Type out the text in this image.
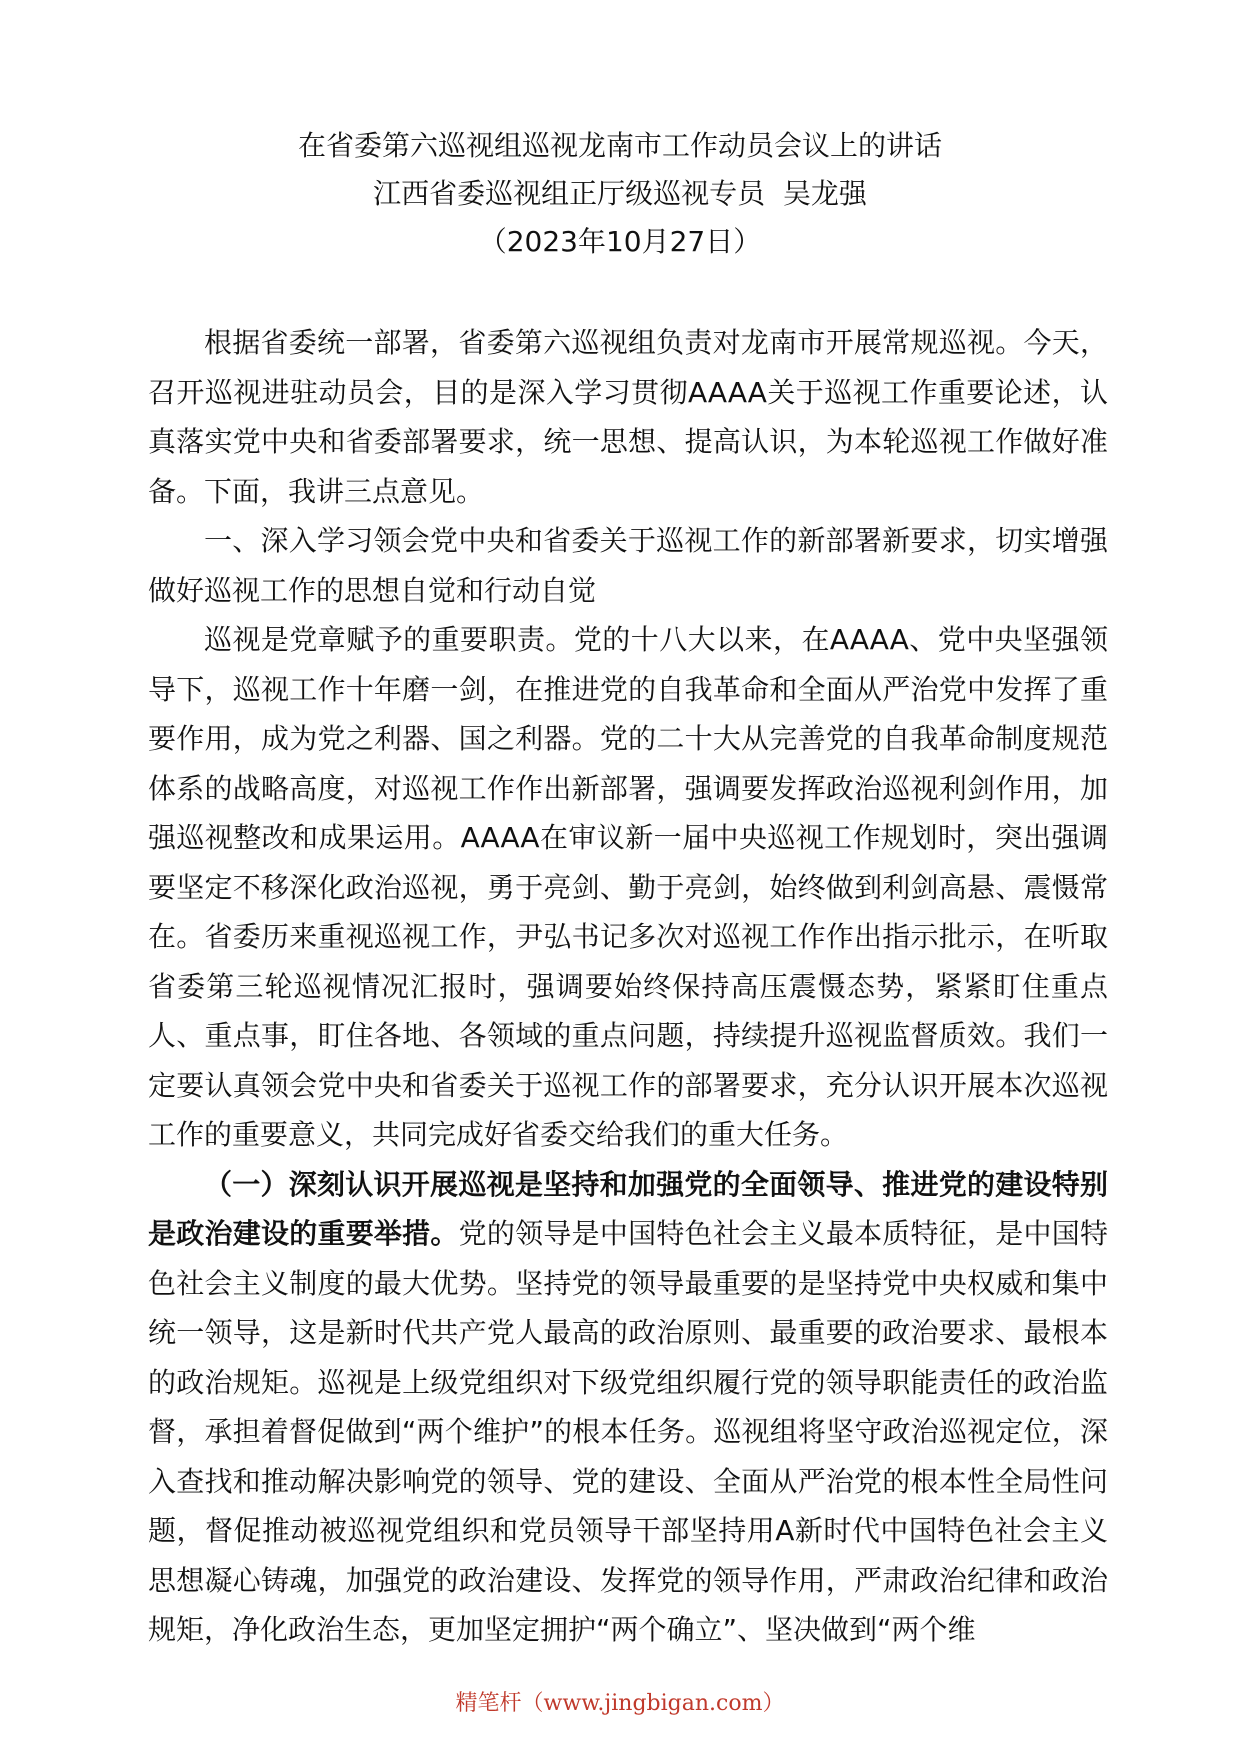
在省委第六巡视组巡视龙南市工作动员会议上的讲话
江西省委巡视组正厅级巡视专员  吴龙强
（2023年10月27日）

根据省委统一部署，省委第六巡视组负责对龙南市开展常规巡视。今天，召开巡视进驻动员会，目的是深入学习贯彻AAAA关于巡视工作重要论述，认真落实党中央和省委部署要求，统一思想、提高认识，为本轮巡视工作做好准备。下面，我讲三点意见。

一、深入学习领会党中央和省委关于巡视工作的新部署新要求，切实增强做好巡视工作的思想自觉和行动自觉

巡视是党章赋予的重要职责。党的十八大以来，在AAAA、党中央坚强领导下，巡视工作十年磨一剑，在推进党的自我革命和全面从严治党中发挥了重要作用，成为党之利器、国之利器。党的二十大从完善党的自我革命制度规范体系的战略高度，对巡视工作作出新部署，强调要发挥政治巡视利剑作用，加强巡视整改和成果运用。AAAA在审议新一届中央巡视工作规划时，突出强调要坚定不移深化政治巡视，勇于亮剑、勤于亮剑，始终做到利剑高悬、震慑常在。省委历来重视巡视工作，尹弘书记多次对巡视工作作出指示批示，在听取省委第三轮巡视情况汇报时，强调要始终保持高压震慑态势，紧紧盯住重点人、重点事，盯住各地、各领域的重点问题，持续提升巡视监督质效。我们一定要认真领会党中央和省委关于巡视工作的部署要求，充分认识开展本次巡视工作的重要意义，共同完成好省委交给我们的重大任务。

（一）深刻认识开展巡视是坚持和加强党的全面领导、推进党的建设特别是政治建设的重要举措。党的领导是中国特色社会主义最本质特征，是中国特色社会主义制度的最大优势。坚持党的领导最重要的是坚持党中央权威和集中统一领导，这是新时代共产党人最高的政治原则、最重要的政治要求、最根本的政治规矩。巡视是上级党组织对下级党组织履行党的领导职能责任的政治监督，承担着督促做到“两个维护”的根本任务。巡视组将坚守政治巡视定位，深入查找和推动解决影响党的领导、党的建设、全面从严治党的根本性全局性问题，督促推动被巡视党组织和党员领导干部坚持用A新时代中国特色社会主义思想凝心铸魂，加强党的政治建设、发挥党的领导作用，严肃政治纪律和政治规矩，净化政治生态，更加坚定拥护“两个确立”、坚决做到“两个维

精笔杆（www.jingbigan.com）
